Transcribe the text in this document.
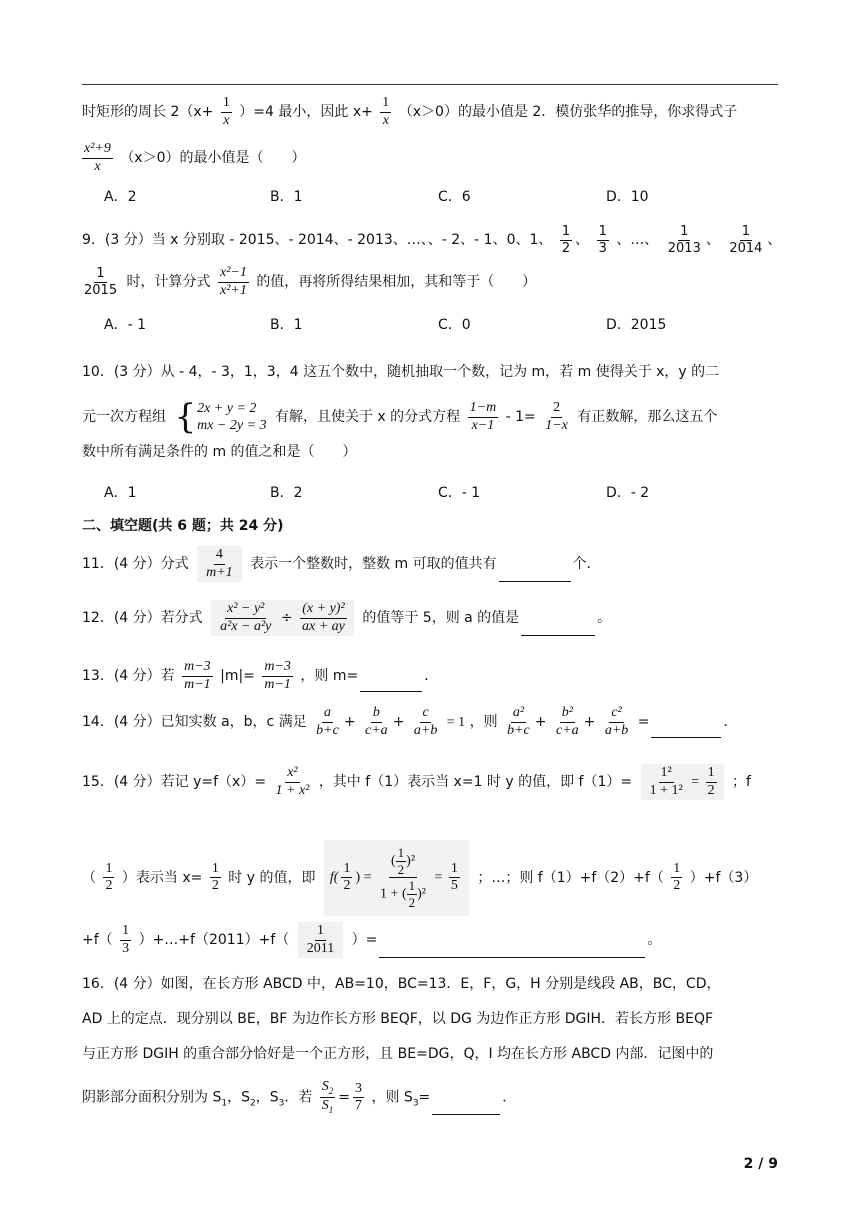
时矩形的周长 $2(x+ \frac{1}{x} )=4$ 最小，因此 $x+ \frac{1}{x} (x>0)$的最小值是 2．模仿张华的推导，你求得式子
$\frac{\text{x²+9}}{x} (x>0)$的最小值是（　　）
A．2	B．1	C．6	D．10
9．(3 分）当 x 分别取 - 2015、- 2014、- 2013、…、、- 2、- 1、0、1、 $\frac{1}{2}$ 、 $\frac{1}{3}$ 、…、 $\frac{1}{2013}$ 、 $\frac{1}{2014}$ 、
$\frac{1}{2015}$ 时，计算分式 $\frac{\text{x²−1}}{\text{x²+1}}$ 的值，再将所得结果相加，其和等于（　　）
A．- 1	B．1	C．0	D．2015
10．(3 分）从 - 4，- 3，1，3，4 这五个数中，随机抽取一个数，记为 m，若 m 使得关于 x，y 的二
元一次方程组 { 2x + y = 2
mx − 2y = 3
有解，且使关于 x 的分式方程 $\frac{1-m}{x-1} - 1= \frac{2}{1-x}$ 有正数解，那么这五个
数中所有满足条件的 m 的值之和是（　　）
A．1	B．2	C．- 1	D．- 2
二、填空题(共 6 题；共 24 分)
11．(4 分）分式 $\frac{4}{m+1}$ 表示一个整数时，整数 m 可取的值共有	个．
12．(4 分）若分式 $\frac{\text{x² − y²}}{\text{a²x − a²y}} \div \frac{\text{(x + y)²}}{ax + ay}$ 的值等于 5，则 a 的值是	。
13．(4 分）若 $\frac{m-3}{m-1} |m|= \frac{m-3}{m-1}$ ，则 m=	．
14．(4 分）已知实数 a，b，c 满足 $\frac{a}{b+c} + \frac{b}{c+a} + \frac{c}{a+b} = 1$ ，则 $\frac{\text{a²}}{b+c} + \frac{\text{b²}}{c+a} + \frac{\text{c²}}{a+b}$ =	．
15．(4 分）若记 $y=f(x)= \frac{\text{x²}}{\text{1 + x²}}$ ，其中 f（1）表示当 x=1 时 y 的值，即 $f(1)= \frac{\text{1²}}{\text{1 + 1²}} = \frac{1}{2}$ ；f
（ $\frac{1}{2}$ ）表示当 $x= \frac{1}{2}$ 时 y 的值，即 $f( \frac{1}{2}$ ) = $\frac{( \frac{1}{2} )^2}{1 + ( \frac{1}{2} )^2} = \frac{1}{5}$ ；…；则 $f(1)+f(2)+f( \frac{1}{2} )+f(3)$
$+f( \frac{1}{3}$ ）+…+f（2011）+f（ $\frac{1}{2011}$ ）=	。
16．(4 分）如图，在长方形 ABCD 中，AB=10，BC=13．E，F，G，H 分别是线段 AB，BC，CD，
AD 上的定点．现分别以 BE，BF 为边作长方形 BEQF，以 DG 为边作正方形 DGIH．若长方形 BEQF
与正方形 DGIH 的重合部分恰好是一个正方形，且 BE=DG，Q，I 均在长方形 ABCD 内部．记图中的
阴影部分面积分别为 $S_1$，$S_2$，$S_3$．若 $\frac{S_2}{S_1} = \frac{3}{7}$ ，则 $S_3=$	．
2 / 9
